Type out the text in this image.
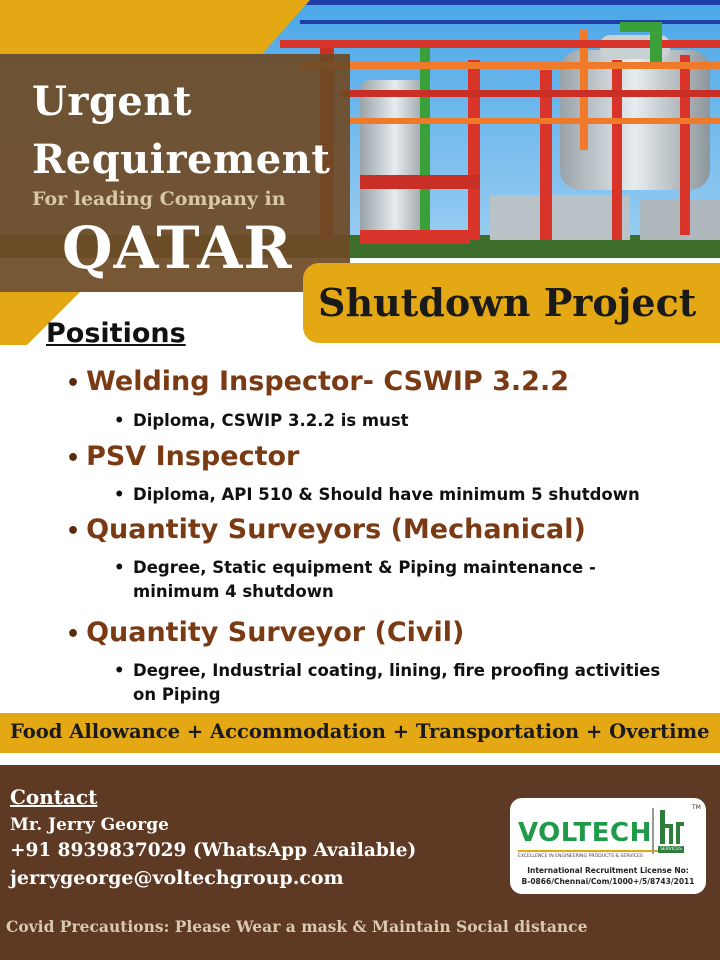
Urgent
Requirement
For leading Company in
QATAR
Shutdown Project
Positions
• Welding Inspector- CSWIP 3.2.2
• Diploma, CSWIP 3.2.2 is must
• PSV Inspector
• Diploma, API 510 & Should have minimum 5 shutdown
• Quantity Surveyors (Mechanical)
• Degree, Static equipment & Piping maintenance -
minimum 4 shutdown
• Quantity Surveyor (Civil)
• Degree, Industrial coating, lining, fire proofing activities
on Piping
Food Allowance + Accommodation + Transportation + Overtime
Contact
Mr. Jerry George
+91 8939837029 (WhatsApp Available)
jerrygeorge@voltechgroup.com
VOLTECH
EXCELLENCE IN ENGINEERING PRODUCTS & SERVICES
SERVICES
TM
International Recruitment License No:
B-0866/Chennai/Com/1000+/5/8743/2011
Covid Precautions: Please Wear a mask & Maintain Social distance
